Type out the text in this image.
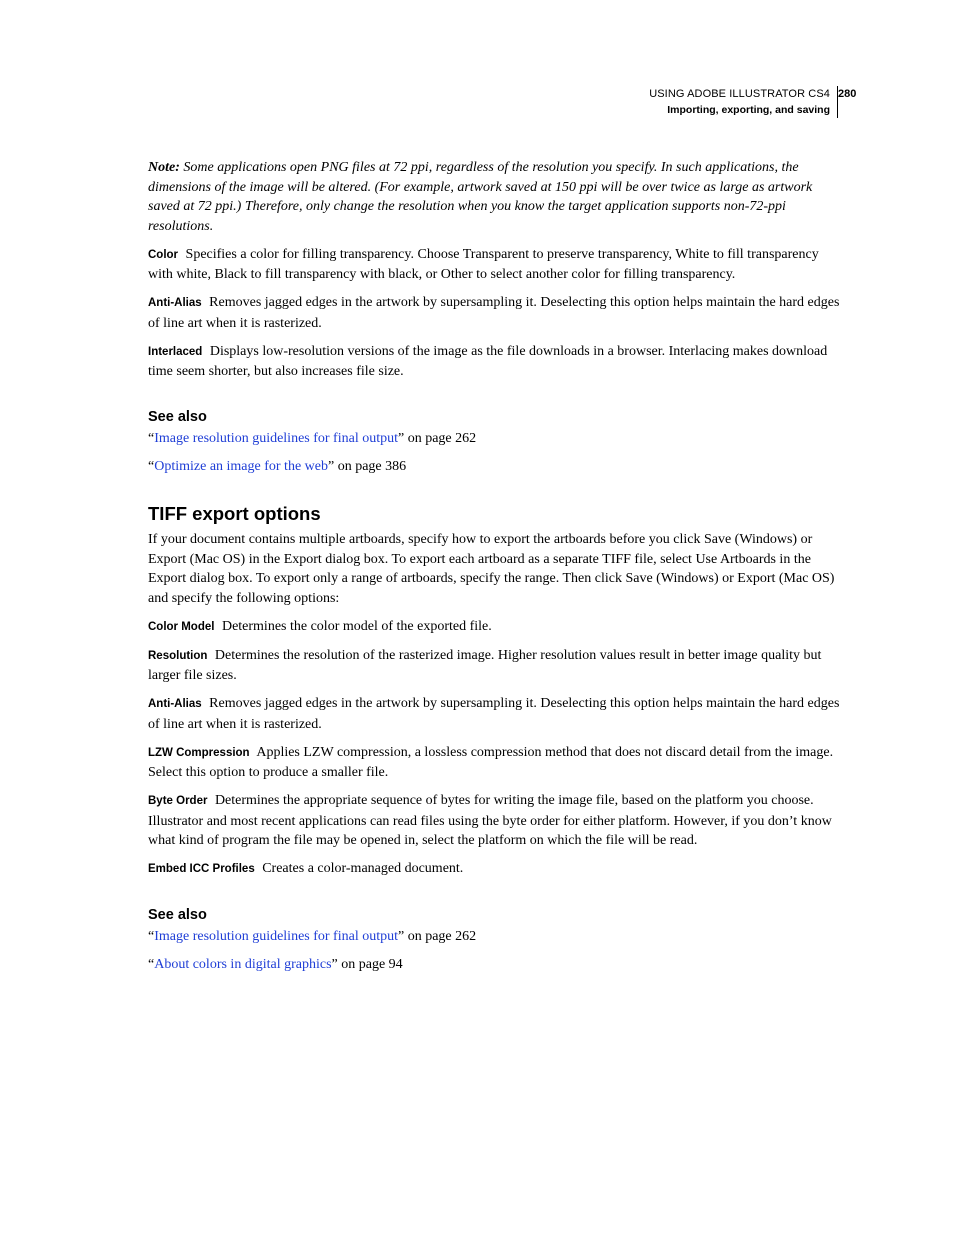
USING ADOBE ILLUSTRATOR CS4
Importing, exporting, and saving
280

Note: Some applications open PNG files at 72 ppi, regardless of the resolution you specify. In such applications, the dimensions of the image will be altered. (For example, artwork saved at 150 ppi will be over twice as large as artwork saved at 72 ppi.) Therefore, only change the resolution when you know the target application supports non-72-ppi resolutions.

Color Specifies a color for filling transparency. Choose Transparent to preserve transparency, White to fill transparency with white, Black to fill transparency with black, or Other to select another color for filling transparency.

Anti-Alias Removes jagged edges in the artwork by supersampling it. Deselecting this option helps maintain the hard edges of line art when it is rasterized.

Interlaced Displays low-resolution versions of the image as the file downloads in a browser. Interlacing makes download time seem shorter, but also increases file size.

See also

“Image resolution guidelines for final output” on page 262

“Optimize an image for the web” on page 386

TIFF export options

If your document contains multiple artboards, specify how to export the artboards before you click Save (Windows) or Export (Mac OS) in the Export dialog box. To export each artboard as a separate TIFF file, select Use Artboards in the Export dialog box. To export only a range of artboards, specify the range. Then click Save (Windows) or Export (Mac OS) and specify the following options:

Color Model Determines the color model of the exported file.

Resolution Determines the resolution of the rasterized image. Higher resolution values result in better image quality but larger file sizes.

Anti-Alias Removes jagged edges in the artwork by supersampling it. Deselecting this option helps maintain the hard edges of line art when it is rasterized.

LZW Compression Applies LZW compression, a lossless compression method that does not discard detail from the image. Select this option to produce a smaller file.

Byte Order Determines the appropriate sequence of bytes for writing the image file, based on the platform you choose. Illustrator and most recent applications can read files using the byte order for either platform. However, if you don’t know what kind of program the file may be opened in, select the platform on which the file will be read.

Embed ICC Profiles Creates a color-managed document.

See also

“Image resolution guidelines for final output” on page 262

“About colors in digital graphics” on page 94
